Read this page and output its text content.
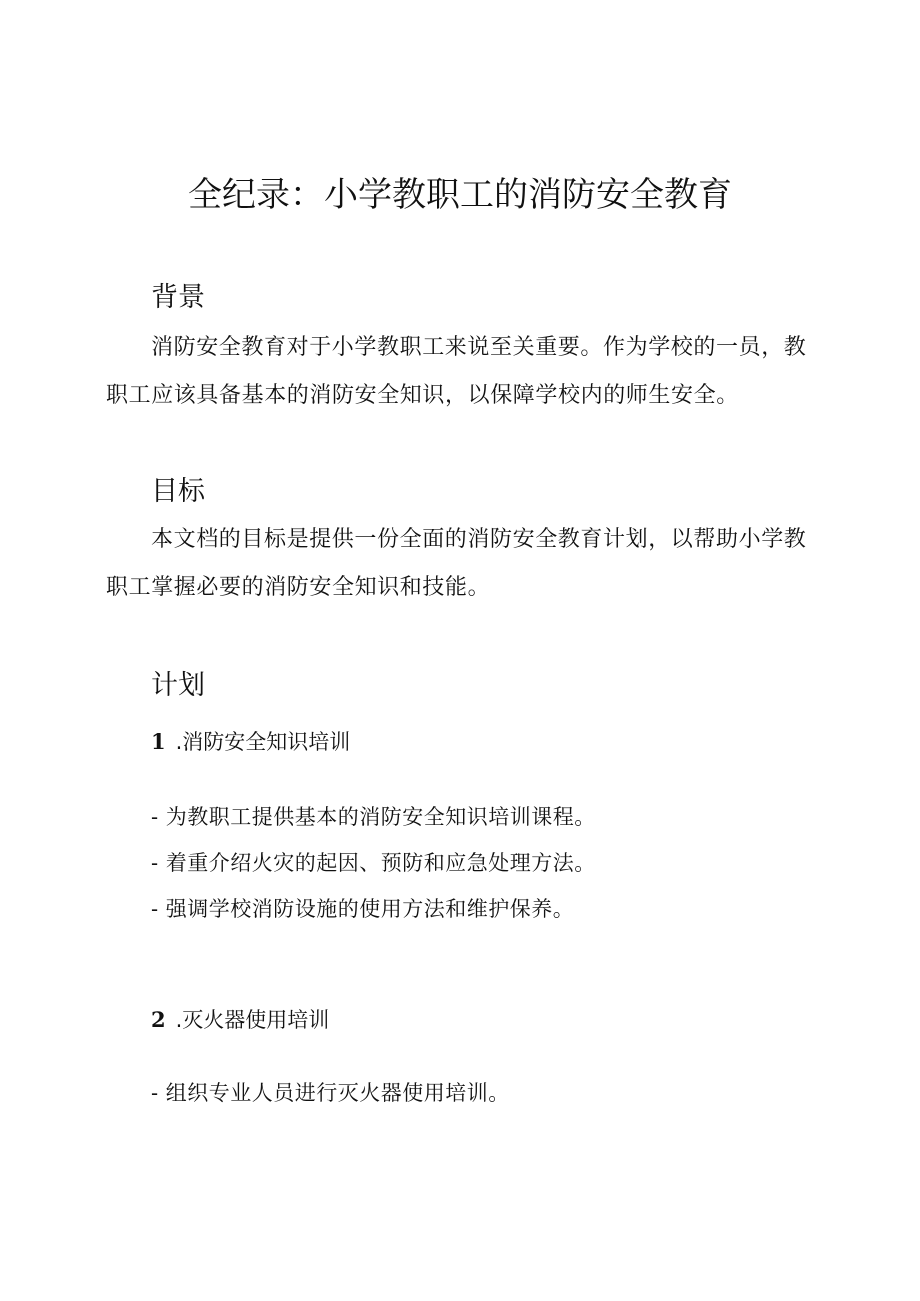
全纪录：小学教职工的消防安全教育
背景

消防安全教育对于小学教职工来说至关重要。作为学校的一员，教职工应该具备基本的消防安全知识，以保障学校内的师生安全。

目标

本文档的目标是提供一份全面的消防安全教育计划，以帮助小学教职工掌握必要的消防安全知识和技能。

计划
1 .消防安全知识培训
- 为教职工提供基本的消防安全知识培训课程。
- 着重介绍火灾的起因、预防和应急处理方法。
- 强调学校消防设施的使用方法和维护保养。
2 .灭火器使用培训
- 组织专业人员进行灭火器使用培训。
